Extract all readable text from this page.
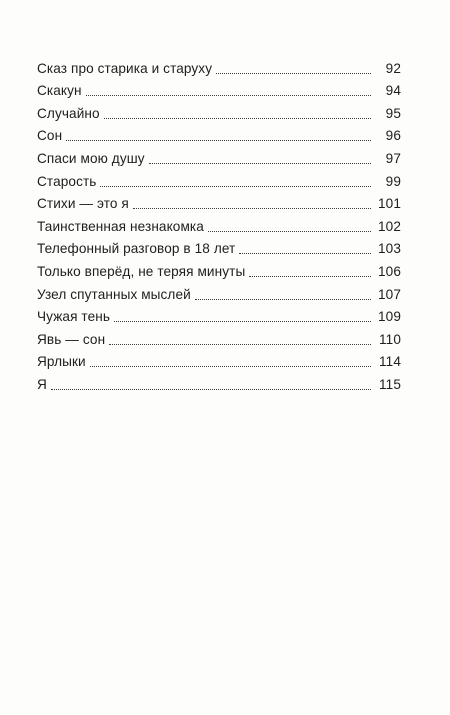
Сказ про старика и старуху	92
Скакун	94
Случайно	95
Сон	96
Спаси мою душу	97
Старость	99
Стихи — это я	101
Таинственная незнакомка	102
Телефонный разговор в 18 лет	103
Только вперёд, не теряя минуты	106
Узел спутанных мыслей	107
Чужая тень	109
Явь — сон	110
Ярлыки	114
Я	115
